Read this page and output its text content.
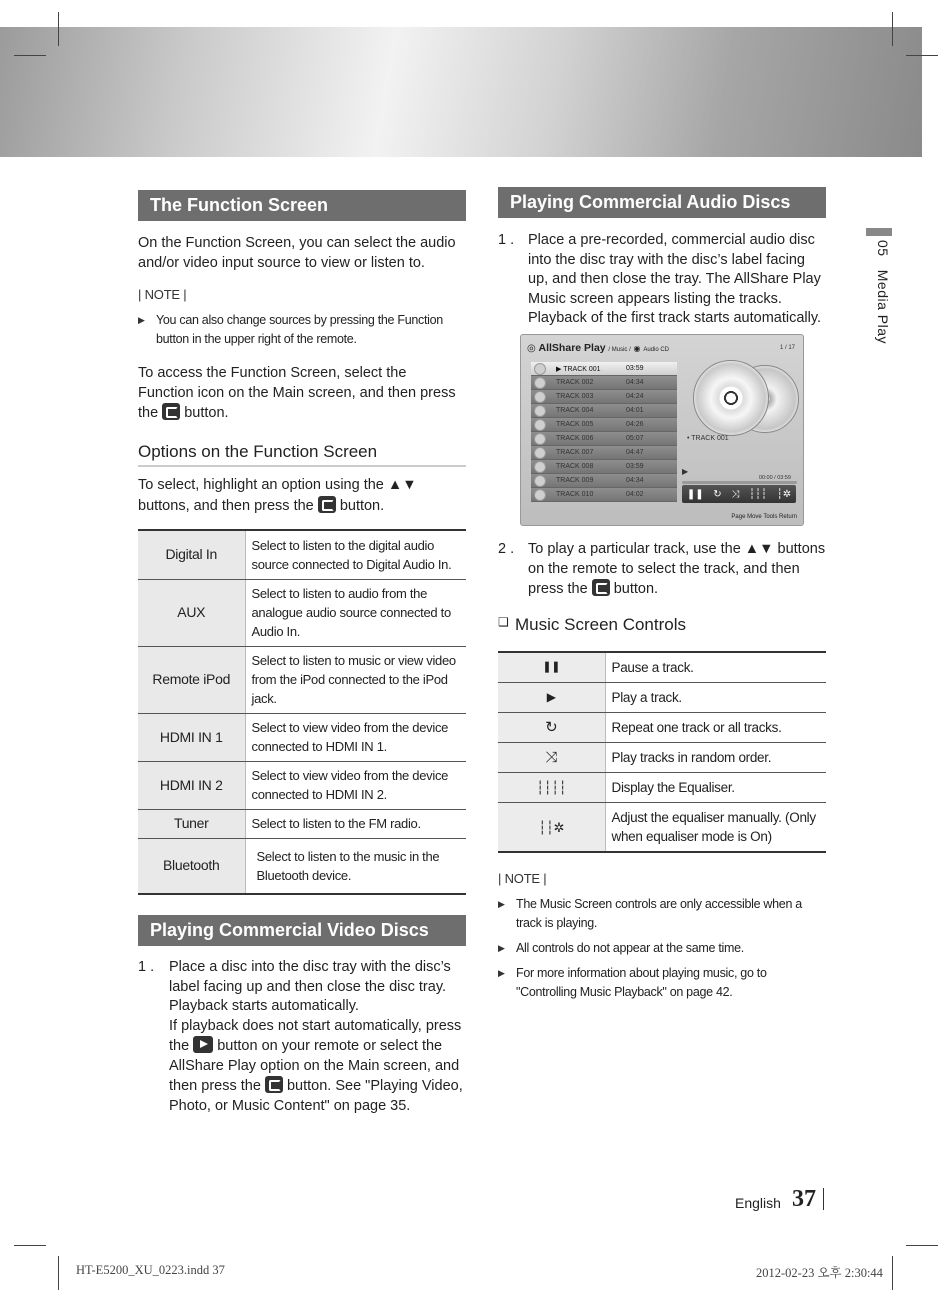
The Function Screen
On the Function Screen, you can select the audio and/or video input source to view or listen to.
| NOTE |
▶ You can also change sources by pressing the Function button in the upper right of the remote.
To access the Function Screen, select the Function icon on the Main screen, and then press the button.
Options on the Function Screen
To select, highlight an option using the ▲▼ buttons, and then press the button.
Digital In	Select to listen to the digital audio source connected to Digital Audio In.
AUX	Select to listen to audio from the analogue audio source connected to Audio In.
Remote iPod	Select to listen to music or view video from the iPod connected to the iPod jack.
HDMI IN 1	Select to view video from the device connected to HDMI IN 1.
HDMI IN 2	Select to view video from the device connected to HDMI IN 2.
Tuner	Select to listen to the FM radio.
Bluetooth	Select to listen to the music in the Bluetooth device.
Playing Commercial Video Discs
1 .	Place a disc into the disc tray with the disc’s label facing up and then close the disc tray. Playback starts automatically.
If playback does not start automatically, press the button on your remote or select the AllShare Play option on the Main screen, and then press the button. See "Playing Video, Photo, or Music Content" on page 35.
Playing Commercial Audio Discs
1 . Place a pre-recorded, commercial audio disc into the disc tray with the disc’s label facing up, and then close the tray. The AllShare Play Music screen appears listing the tracks. Playback of the first track starts automatically.
◎ AllShare Play / Music / ◉ Audio CD	1 / 17
▶ TRACK 001	03:59
TRACK 002	04:34
TRACK 003	04:24
TRACK 004	04:01
TRACK 005	04:26
TRACK 006	05:07
TRACK 007	04:47
TRACK 008	03:59
TRACK 009	04:34
TRACK 010	04:02
• TRACK 001
▶
00:00 / 03:59
❚❚ ↻ ⤨ ┆┆┆ ┆✲
Page Move Tools Return
2 . To play a particular track, use the ▲▼ buttons on the remote to select the track, and then press the button.
❑ Music Screen Controls
❚❚	Pause a track.
▶	Play a track.
↻	Repeat one track or all tracks.
⤨	Play tracks in random order.
┆┆┆┆	Display the Equaliser.
┆┆✲	Adjust the equaliser manually. (Only when equaliser mode is On)
| NOTE |
▶ The Music Screen controls are only accessible when a track is playing.
▶ All controls do not appear at the same time.
▶ For more information about playing music, go to "Controlling Music Playback" on page 42.
05   Media Play
English 37
HT-E5200_XU_0223.indd 37	2012-02-23 오후 2:30:44
